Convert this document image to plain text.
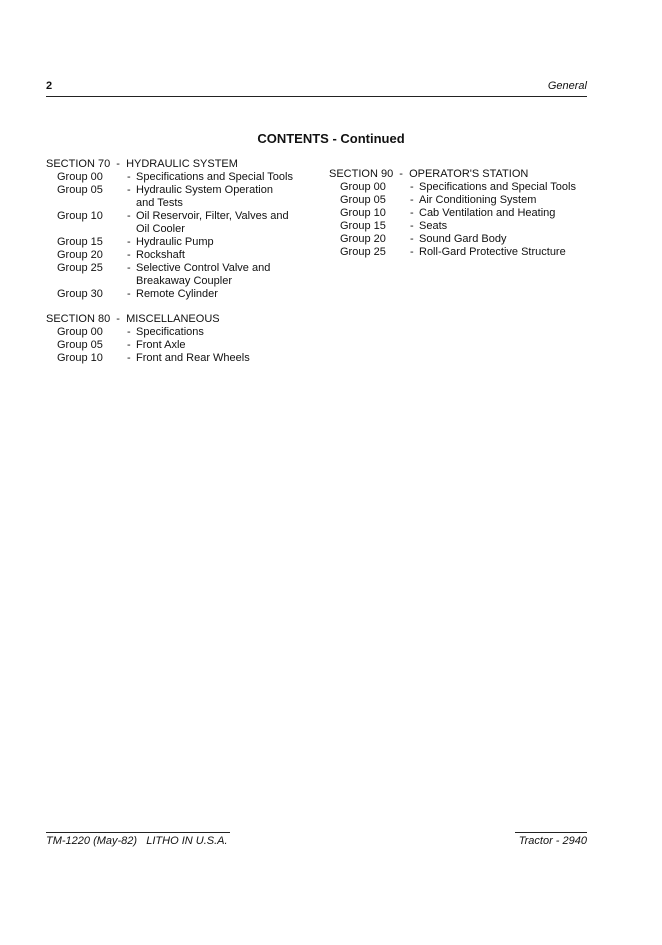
2	General
CONTENTS - Continued
SECTION 70  -  HYDRAULIC SYSTEM
Group 00	- Specifications and Special Tools
Group 05	- Hydraulic System Operation
and Tests
Group 10	- Oil Reservoir, Filter, Valves and
Oil Cooler
Group 15	- Hydraulic Pump
Group 20	- Rockshaft
Group 25	- Selective Control Valve and
Breakaway Coupler
Group 30	- Remote Cylinder
SECTION 80  -  MISCELLANEOUS
Group 00	- Specifications
Group 05	- Front Axle
Group 10	- Front and Rear Wheels
SECTION 90  -  OPERATOR'S STATION
Group 00	- Specifications and Special Tools
Group 05	- Air Conditioning System
Group 10	- Cab Ventilation and Heating
Group 15	- Seats
Group 20	- Sound Gard Body
Group 25	- Roll-Gard Protective Structure
TM-1220 (May-82)   LITHO IN U.S.A.	Tractor - 2940
